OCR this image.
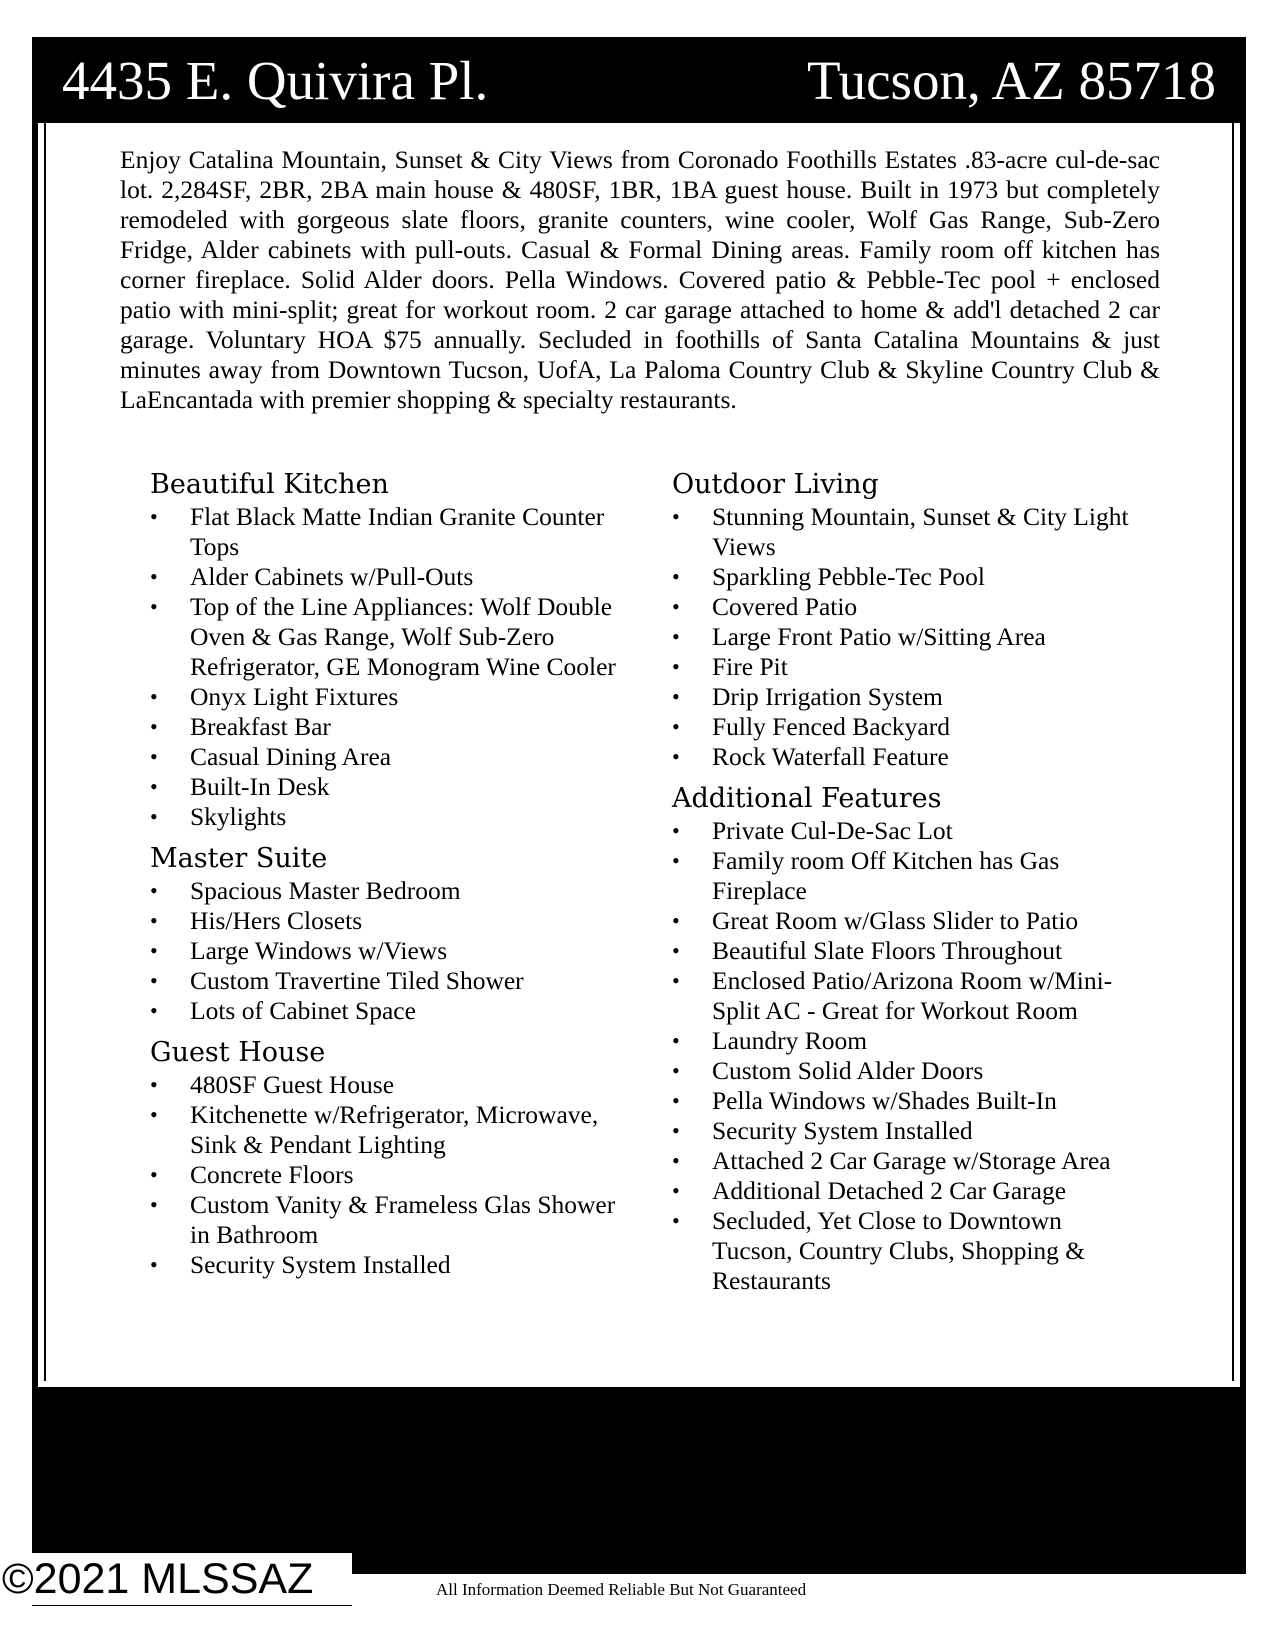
4435 E. Quivira Pl.	Tucson, AZ 85718

Enjoy Catalina Mountain, Sunset & City Views from Coronado Foothills Estates .83-acre cul-de-sac lot. 2,284SF, 2BR, 2BA main house & 480SF, 1BR, 1BA guest house. Built in 1973 but completely remodeled with gorgeous slate floors, granite counters, wine cooler, Wolf Gas Range, Sub-Zero Fridge, Alder cabinets with pull-outs. Casual & Formal Dining areas. Family room off kitchen has corner fireplace. Solid Alder doors. Pella Windows. Covered patio & Pebble-Tec pool + enclosed patio with mini-split; great for workout room. 2 car garage attached to home & add'l detached 2 car garage. Voluntary HOA $75 annually. Secluded in foothills of Santa Catalina Mountains & just minutes away from Downtown Tucson, UofA, La Paloma Country Club & Skyline Country Club & LaEncantada with premier shopping & specialty restaurants.

Beautiful Kitchen
• Flat Black Matte Indian Granite Counter Tops
• Alder Cabinets w/Pull-Outs
• Top of the Line Appliances: Wolf Double Oven & Gas Range, Wolf Sub-Zero Refrigerator, GE Monogram Wine Cooler
• Onyx Light Fixtures
• Breakfast Bar
• Casual Dining Area
• Built-In Desk
• Skylights
Master Suite
• Spacious Master Bedroom
• His/Hers Closets
• Large Windows w/Views
• Custom Travertine Tiled Shower
• Lots of Cabinet Space
Guest House
• 480SF Guest House
• Kitchenette w/Refrigerator, Microwave, Sink & Pendant Lighting
• Concrete Floors
• Custom Vanity & Frameless Glas Shower in Bathroom
• Security System Installed
Outdoor Living
• Stunning Mountain, Sunset & City Light Views
• Sparkling Pebble-Tec Pool
• Covered Patio
• Large Front Patio w/Sitting Area
• Fire Pit
• Drip Irrigation System
• Fully Fenced Backyard
• Rock Waterfall Feature
Additional Features
• Private Cul-De-Sac Lot
• Family room Off Kitchen has Gas Fireplace
• Great Room w/Glass Slider to Patio
• Beautiful Slate Floors Throughout
• Enclosed Patio/Arizona Room w/Mini-Split AC - Great for Workout Room
• Laundry Room
• Custom Solid Alder Doors
• Pella Windows w/Shades Built-In
• Security System Installed
• Attached 2 Car Garage w/Storage Area
• Additional Detached 2 Car Garage
• Secluded, Yet Close to Downtown Tucson, Country Clubs, Shopping & Restaurants
©2021 MLSSAZ	All Information Deemed Reliable But Not Guaranteed
